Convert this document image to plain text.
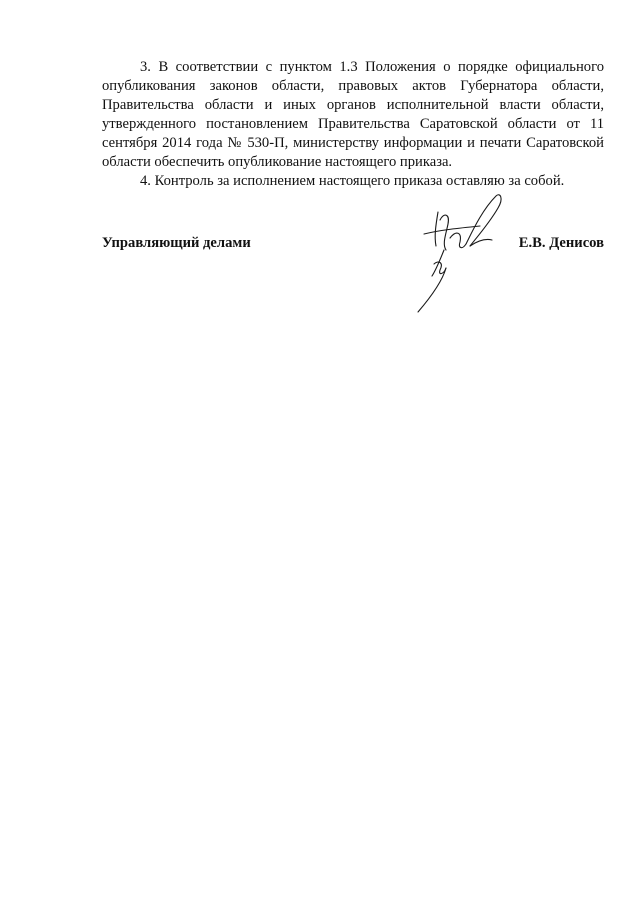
3. В соответствии с пунктом 1.3 Положения о порядке официального опубликования законов области, правовых актов Губернатора области, Правительства области и иных органов исполнительной власти области, утвержденного постановлением Правительства Саратовской области от 11 сентября 2014 года № 530-П, министерству информации и печати Саратовской области обеспечить опубликование настоящего приказа.

4. Контроль за исполнением настоящего приказа оставляю за собой.

Управляющий делами	Е.В. Денисов
